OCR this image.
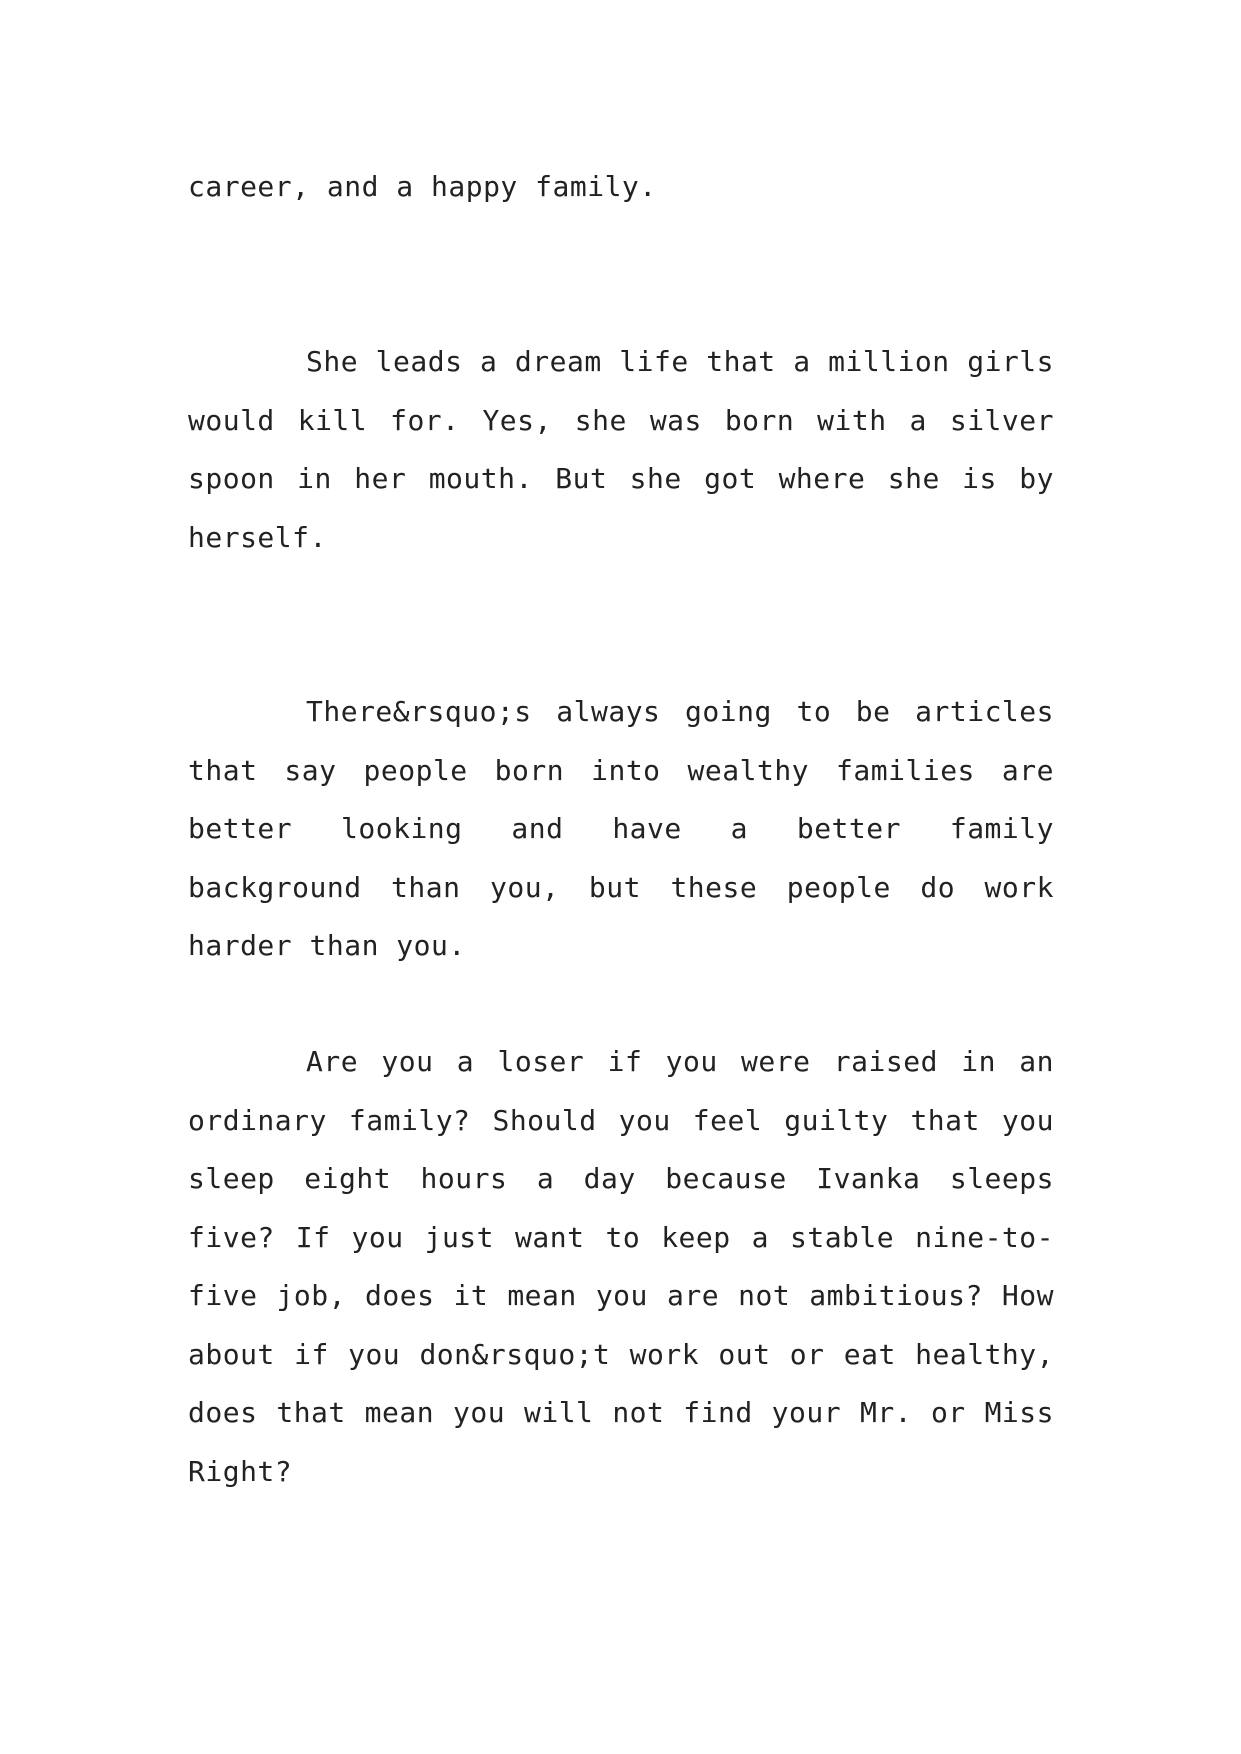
career, and a happy family.

She leads a dream life that a million girls would kill for. Yes, she was born with a silver spoon in her mouth. But she got where she is by herself.

There&rsquo;s always going to be articles that say people born into wealthy families are better looking and have a better family background than you, but these people do work harder than you.

Are you a loser if you were raised in an ordinary family? Should you feel guilty that you sleep eight hours a day because Ivanka sleeps five? If you just want to keep a stable nine-to-five job, does it mean you are not ambitious? How about if you don&rsquo;t work out or eat healthy, does that mean you will not find your Mr. or Miss Right?
